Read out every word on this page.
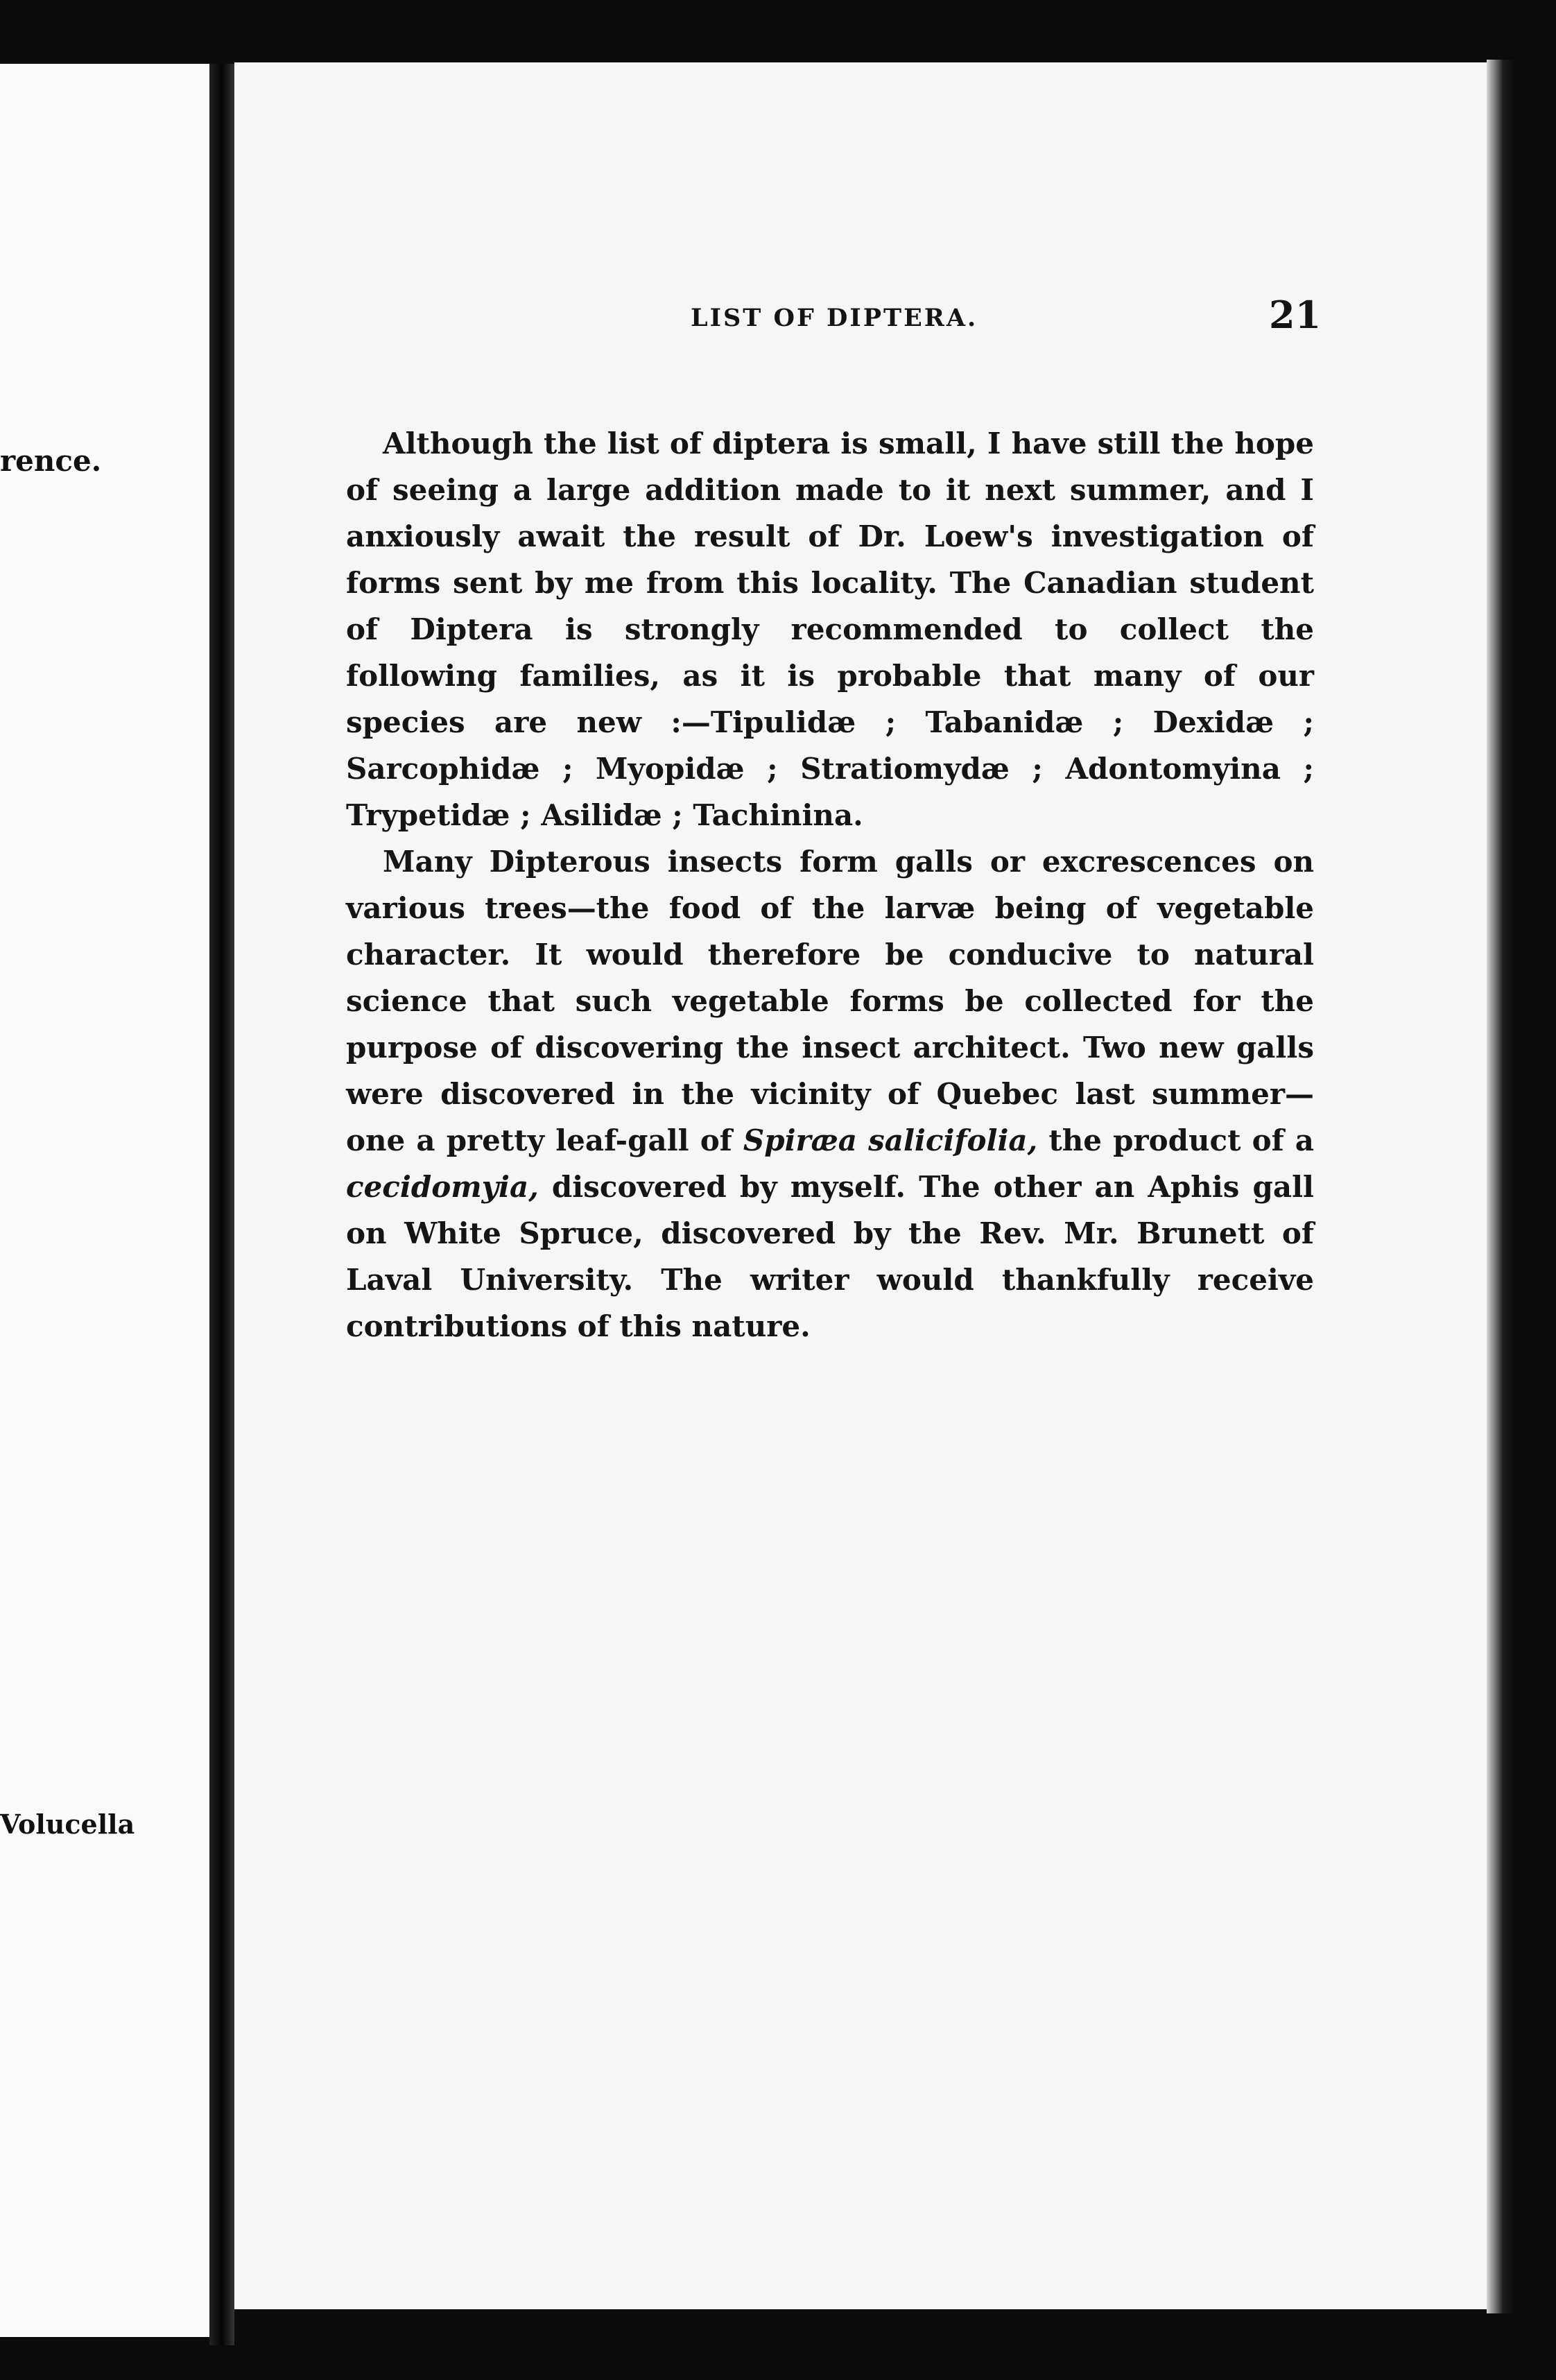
rence.
Volucella
LIST OF DIPTERA.	21

Although the list of diptera is small, I have still the hope of seeing a large addition made to it next summer, and I anxiously await the result of Dr. Loew's investigation of forms sent by me from this locality. The Canadian student of Diptera is strongly recommended to collect the following families, as it is probable that many of our species are new :—Tipulidæ ; Tabanidæ ; Dexidæ ; Sarcophidæ ; Myopidæ ; Stratiomydæ ; Adontomyina ; Trypetidæ ; Asilidæ ; Tachinina.

Many Dipterous insects form galls or excrescences on various trees—the food of the larvæ being of vegetable character. It would therefore be conducive to natural science that such vegetable forms be collected for the purpose of discovering the insect architect. Two new galls were discovered in the vicinity of Quebec last summer—one a pretty leaf-gall of Spiræa salicifolia, the product of a cecidomyia, discovered by myself. The other an Aphis gall on White Spruce, discovered by the Rev. Mr. Brunett of Laval University. The writer would thankfully receive contributions of this nature.
